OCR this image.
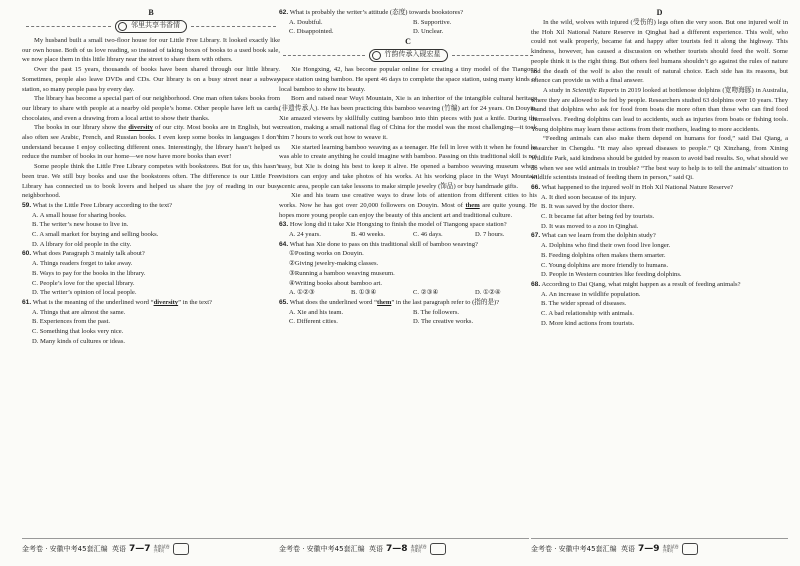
B
邻里共享书香情

My husband built a small two-floor house for our Little Free Library. It looked exactly like our own house. Both of us love reading, so instead of taking boxes of books to a used book sale, we now place them in this little library near the street to share them with others.

Over the past 15 years, thousands of books have been shared through our little library. Sometimes, people also leave DVDs and CDs. Our library is on a busy street near a subway station, so many people pass by every day.

The library has become a special part of our neighborhood. One man often takes books from our library to share with people at a nearby old people’s home. Other people have left us cards, chocolates, and even a drawing from a local artist to show their thanks.

The books in our library show the diversity of our city. Most books are in English, but we also often see Arabic, French, and Russian books. I even keep some books in languages I don’t understand because I enjoy collecting different ones. Interestingly, the library hasn’t helped us reduce the number of books in our home—we now have more books than ever!

Some people think the Little Free Library competes with bookstores. But for us, this hasn’t been true. We still buy books and use the bookstores often. The difference is our Little Free Library has connected us to book lovers and helped us share the joy of reading in our busy neighborhood.

59. What is the Little Free Library according to the text?
A. A small house for sharing books.
B. The writer’s new house to live in.
C. A small market for buying and selling books.
D. A library for old people in the city.
60. What does Paragraph 3 mainly talk about?
A. Things readers forget to take away.
B. Ways to pay for the books in the library.
C. People’s love for the special library.
D. The writer’s opinion of local people.
61. What is the meaning of the underlined word “diversity” in the text?
A. Things that are almost the same.
B. Experiences from the past.
C. Something that looks very nice.
D. Many kinds of cultures or ideas.
62. What is probably the writer’s attitude (态度) towards bookstores?
A. Doubtful.	B. Supportive.
C. Disappointed.	D. Unclear.
C
竹韵传承入砚宏星

Xie Hongxing, 42, has become popular online for creating a tiny model of the Tiangong space station using bamboo. He spent 46 days to complete the space station, using many kinds of local bamboo to show its beauty.

Born and raised near Wuyi Mountain, Xie is an inheritor of the intangible cultural heritage (非遗传承人). He has been practicing this bamboo weaving (竹编) art for 24 years. On Douyin, Xie amazed viewers by skillfully cutting bamboo into thin pieces with just a knife. During the creation, making a small national flag of China for the model was the most challenging—it took him 7 hours to work out how to weave it.

Xie started learning bamboo weaving as a teenager. He fell in love with it when he found he was able to create anything he could imagine with bamboo. Passing on this traditional skill is not easy, but Xie is doing his best to keep it alive. He opened a bamboo weaving museum where visitors can enjoy and take photos of his works. At his working place in the Wuyi Mountain scenic area, people can take lessons to make simple jewelry (饰品) or buy handmade gifts.

Xie and his team use creative ways to draw lots of attention from different cities to his works. Now he has got over 20,000 followers on Douyin. Most of them are quite young. He hopes more young people can enjoy the beauty of this ancient art and traditional culture.

63. How long did it take Xie Hongxing to finish the model of Tiangong space station?
A. 24 years.	B. 40 weeks.	C. 46 days.	D. 7 hours.
64. What has Xie done to pass on this traditional skill of bamboo weaving?
①Posting works on Douyin.
②Giving jewelry-making classes.
③Running a bamboo weaving museum.
④Writing books about bamboo art.
A. ①②③	B. ①③④	C. ②③④	D. ①②④
65. What does the underlined word “them” in the last paragraph refer to (指的是)?
A. Xie and his team.	B. The followers.
C. Different cities.	D. The creative works.
D

In the wild, wolves with injured (受伤的) legs often die very soon. But one injured wolf in the Hoh Xil National Nature Reserve in Qinghai had a different experience. This wolf, who could not walk properly, became fat and happy after tourists fed it along the highway. This kindness, however, has caused a discussion on whether tourists should feed the wolf. Some people think it is the right thing. But others feel humans shouldn’t go against the rules of nature and the death of the wolf is also the result of natural choice. Each side has its reasons, but science can provide us with a final answer.

A study in Scientific Reports in 2019 looked at bottlenose dolphins (宽吻海豚) in Australia, where they are allowed to be fed by people. Researchers studied 63 dolphins over 10 years. They found that dolphins who ask for food from boats die more often than those who can find food themselves. Feeding dolphins can lead to accidents, such as injuries from boats or fishing tools. Young dolphins may learn these actions from their mothers, leading to more accidents.

“Feeding animals can also make them depend on humans for food,” said Dai Qiang, a researcher in Chengdu. “It may also spread diseases to people.” Qi Xinzhang, from Xining Wildlife Park, said kindness should be guided by reason to avoid bad results. So, what should we do when we see wild animals in trouble? “The best way to help is to tell the animals’ situation to wildlife scientists instead of feeding them in person,” said Qi.

66. What happened to the injured wolf in Hoh Xil National Nature Reserve?
A. It died soon because of its injury.
B. It was saved by the doctor there.
C. It became fat after being fed by tourists.
D. It was moved to a zoo in Qinghai.
67. What can we learn from the dolphin study?
A. Dolphins who find their own food live longer.
B. Feeding dolphins often makes them smarter.
C. Young dolphins are more friendly to humans.
D. People in Western countries like feeding dolphins.
68. According to Dai Qiang, what might happen as a result of feeding animals?
A. An increase in wildlife population.
B. The wider spread of diseases.
C. A bad relationship with animals.
D. More kind actions from tourists.
金考卷 · 安徽中考45套汇编
英语 7—7 本套试卷 共4页	金考卷 · 安徽中考45套汇编
英语 7—8 本套试卷 共4页	金考卷 · 安徽中考45套汇编
英语 7—9 本套试卷 共4页
